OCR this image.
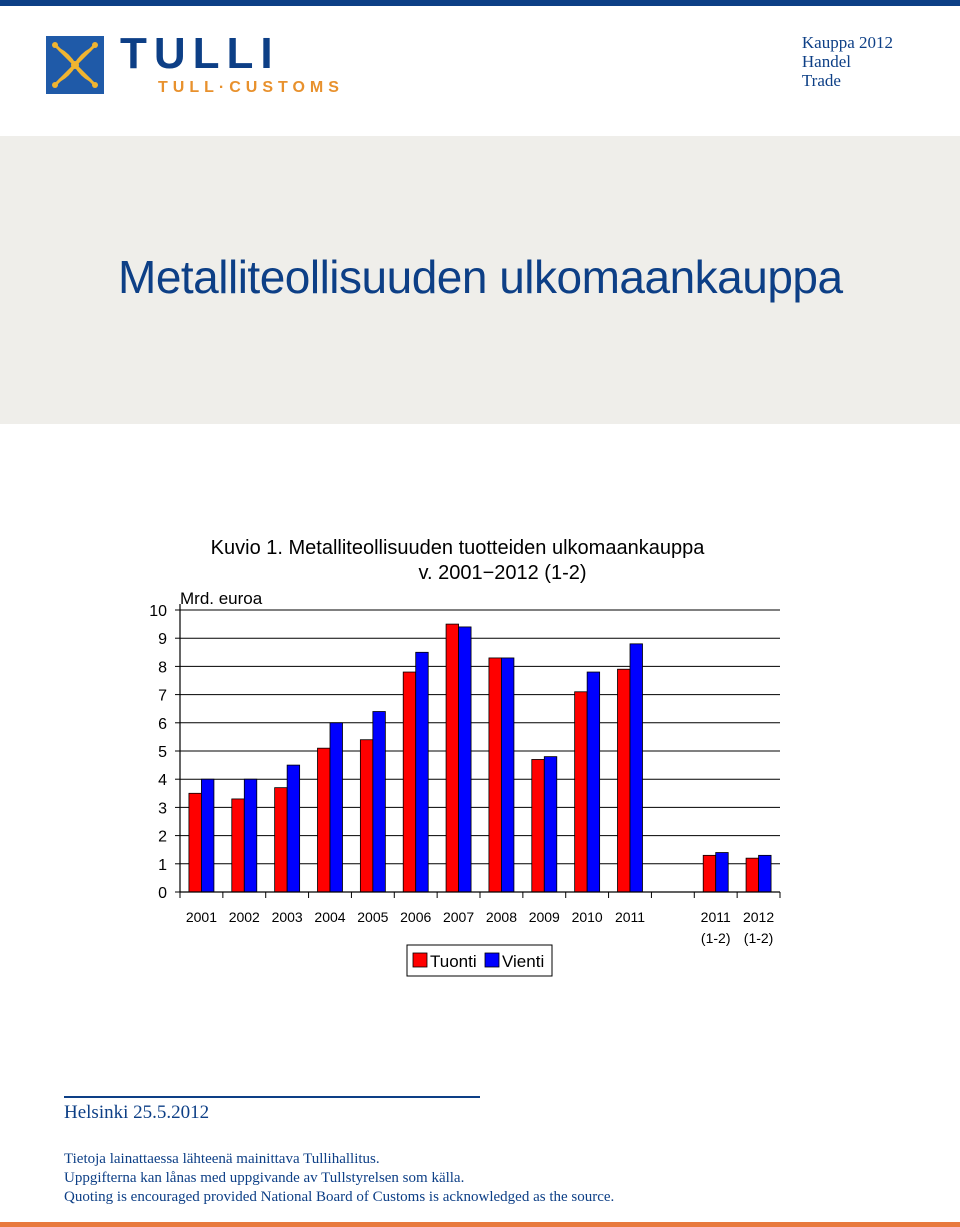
TULLI
TULL·CUSTOMS
Kauppa 2012
Handel
Trade
Metalliteollisuuden ulkomaankauppa
Kuvio 1. Metalliteollisuuden tuotteiden ulkomaankauppa
v. 2001−2012 (1-2)
0
1
2
3
4
5
6
7
8
9
10
2001 2002 2003 2004 2005 2006 2007 2008 2009 2010 2011	2011
(1-2)
2012
(1-2)
Mrd. euroa
Tuonti Vienti
Helsinki 25.5.2012
Tietoja lainattaessa lähteenä mainittava Tullihallitus.
Uppgifterna kan lånas med uppgivande av Tullstyrelsen som källa.
Quoting is encouraged provided National Board of Customs is acknowledged as the source.
